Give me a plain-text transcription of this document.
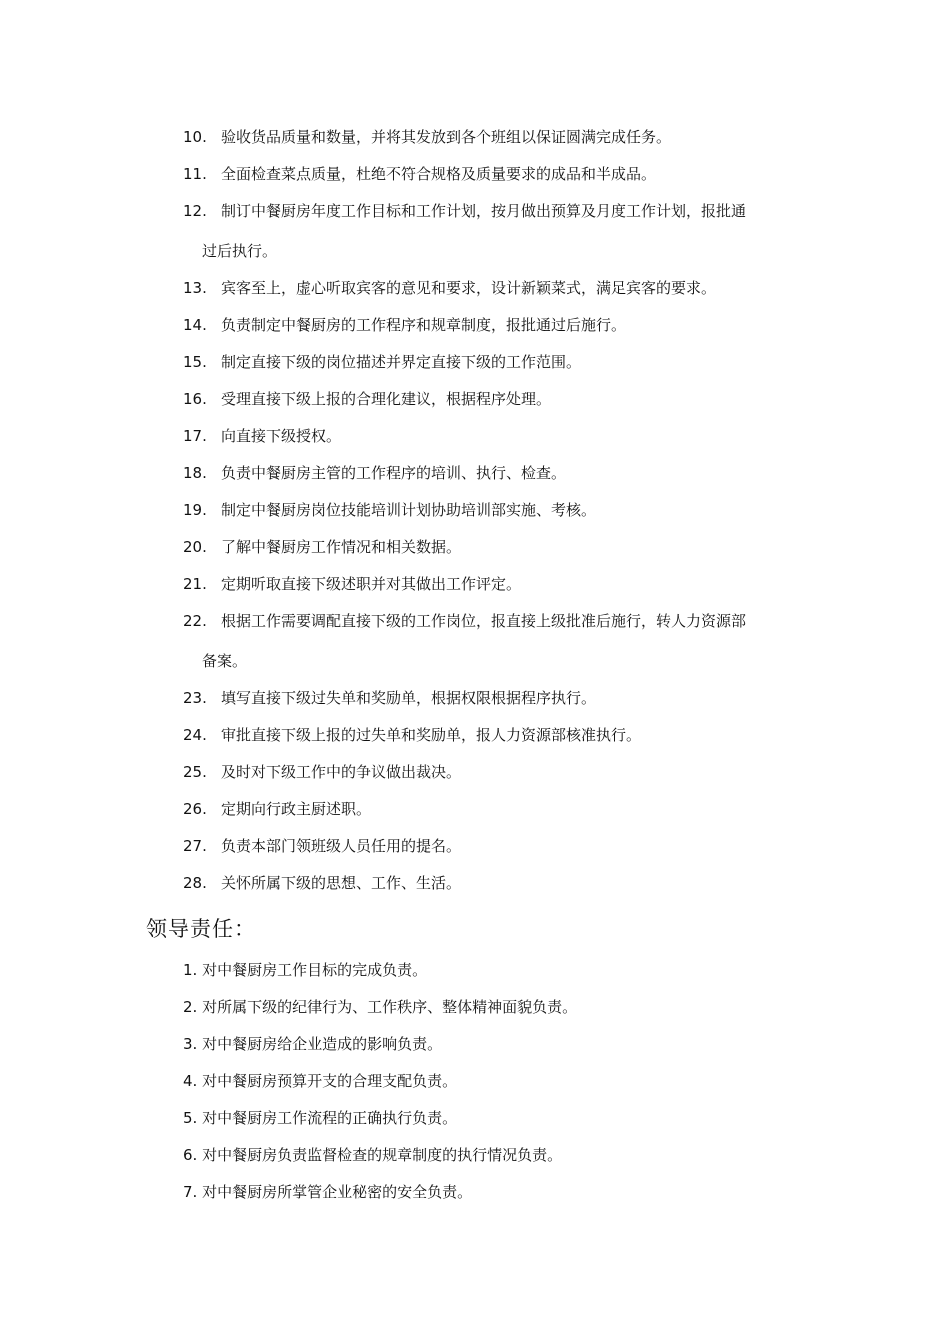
10. 验收货品质量和数量，并将其发放到各个班组以保证圆满完成任务。
11. 全面检查菜点质量，杜绝不符合规格及质量要求的成品和半成品。
12. 制订中餐厨房年度工作目标和工作计划，按月做出预算及月度工作计划，报批通
过后执行。
13. 宾客至上，虚心听取宾客的意见和要求，设计新颖菜式，满足宾客的要求。
14. 负责制定中餐厨房的工作程序和规章制度，报批通过后施行。
15. 制定直接下级的岗位描述并界定直接下级的工作范围。
16. 受理直接下级上报的合理化建议，根据程序处理。
17. 向直接下级授权。
18. 负责中餐厨房主管的工作程序的培训、执行、检查。
19. 制定中餐厨房岗位技能培训计划协助培训部实施、考核。
20. 了解中餐厨房工作情况和相关数据。
21. 定期听取直接下级述职并对其做出工作评定。
22. 根据工作需要调配直接下级的工作岗位，报直接上级批准后施行，转人力资源部
备案。
23. 填写直接下级过失单和奖励单，根据权限根据程序执行。
24. 审批直接下级上报的过失单和奖励单，报人力资源部核准执行。
25. 及时对下级工作中的争议做出裁决。
26. 定期向行政主厨述职。
27. 负责本部门领班级人员任用的提名。
28. 关怀所属下级的思想、工作、生活。
领导责任：
1. 对中餐厨房工作目标的完成负责。
2. 对所属下级的纪律行为、工作秩序、整体精神面貌负责。
3. 对中餐厨房给企业造成的影响负责。
4. 对中餐厨房预算开支的合理支配负责。
5. 对中餐厨房工作流程的正确执行负责。
6. 对中餐厨房负责监督检查的规章制度的执行情况负责。
7. 对中餐厨房所掌管企业秘密的安全负责。
